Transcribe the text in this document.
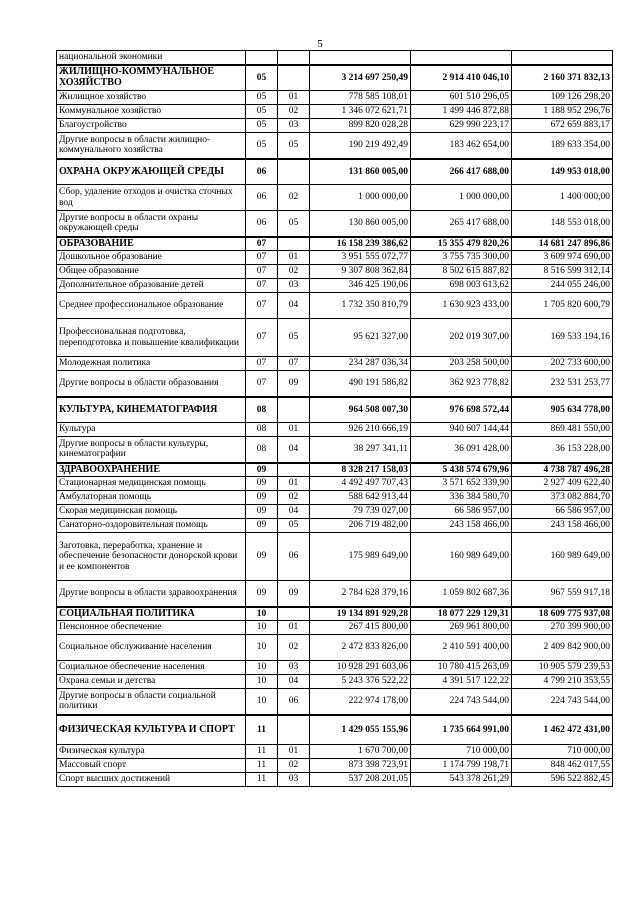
5
национальной экономики					
ЖИЛИЩНО-КОММУНАЛЬНОЕ ХОЗЯЙСТВО	05		3 214 697 250,49	2 914 410 046,10	2 160 371 832,13
Жилищное хозяйство	05	01	778 585 108,01	601 510 296,05	109 126 298,20
Коммунальное хозяйство	05	02	1 346 072 621,71	1 499 446 872,88	1 188 952 296,76
Благоустройство	05	03	899 820 028,28	629 990 223,17	672 659 883,17
Другие вопросы в области жилищно-коммунального хозяйства	05	05	190 219 492,49	183 462 654,00	189 633 354,00
ОХРАНА ОКРУЖАЮЩЕЙ СРЕДЫ	06		131 860 005,00	266 417 688,00	149 953 018,00
Сбор, удаление отходов и очистка сточных вод	06	02	1 000 000,00	1 000 000,00	1 400 000,00
Другие вопросы в области охраны окружающей среды	06	05	130 860 005,00	265 417 688,00	148 553 018,00
ОБРАЗОВАНИЕ	07		16 158 239 386,62	15 355 479 820,26	14 681 247 896,86
Дошкольное образование	07	01	3 951 555 072,77	3 755 735 300,00	3 609 974 690,00
Общее образование	07	02	9 307 808 362,84	8 502 615 887,82	8 516 599 312,14
Дополнительное образование детей	07	03	346 425 190,06	698 003 613,62	244 055 246,00
Среднее профессиональное образование	07	04	1 732 350 810,79	1 630 923 433,00	1 705 820 600,79
Профессиональная подготовка, переподготовка и повышение квалификации	07	05	95 621 327,00	202 019 307,00	169 533 194,16
Молодежная политика	07	07	234 287 036,34	203 258 500,00	202 733 600,00
Другие вопросы в области образования	07	09	490 191 586,82	362 923 778,82	232 531 253,77
КУЛЬТУРА, КИНЕМАТОГРАФИЯ	08		964 508 007,30	976 698 572,44	905 634 778,00
Культура	08	01	926 210 666,19	940 607 144,44	869 481 550,00
Другие вопросы в области культуры, кинематографии	08	04	38 297 341,11	36 091 428,00	36 153 228,00
ЗДРАВООХРАНЕНИЕ	09		8 328 217 158,03	5 438 574 679,96	4 738 787 496,28
Стационарная медицинская помощь	09	01	4 492 497 707,43	3 571 652 339,90	2 927 409 622,40
Амбулаторная помощь	09	02	588 642 913,44	336 384 580,70	373 082 884,70
Скорая медицинская помощь	09	04	79 739 027,00	66 586 957,00	66 586 957,00
Санаторно-оздоровительная помощь	09	05	206 719 482,00	243 158 466,00	243 158 466,00
Заготовка, переработка, хранение и обеспечение безопасности донорской крови и ее компонентов	09	06	175 989 649,00	160 989 649,00	160 989 649,00
Другие вопросы в области здравоохранения	09	09	2 784 628 379,16	1 059 802 687,36	967 559 917,18
СОЦИАЛЬНАЯ ПОЛИТИКА	10		19 134 891 929,28	18 077 229 129,31	18 609 775 937,08
Пенсионное обеспечение	10	01	267 415 800,00	269 961 800,00	270 399 900,00
Социальное обслуживание населения	10	02	2 472 833 826,00	2 410 591 400,00	2 409 842 900,00
Социальное обеспечение населения	10	03	10 928 291 603,06	10 780 415 263,09	10 905 579 239,53
Охрана семьи и детства	10	04	5 243 376 522,22	4 391 517 122,22	4 799 210 353,55
Другие вопросы в области социальной политики	10	06	222 974 178,00	224 743 544,00	224 743 544,00
ФИЗИЧЕСКАЯ КУЛЬТУРА И СПОРТ	11		1 429 055 155,96	1 735 664 991,00	1 462 472 431,00
Физическая культура	11	01	1 670 700,00	710 000,00	710 000,00
Массовый спорт	11	02	873 398 723,91	1 174 799 198,71	848 462 017,55
Спорт высших достижений	11	03	537 208 201,05	543 378 261,29	596 522 882,45
